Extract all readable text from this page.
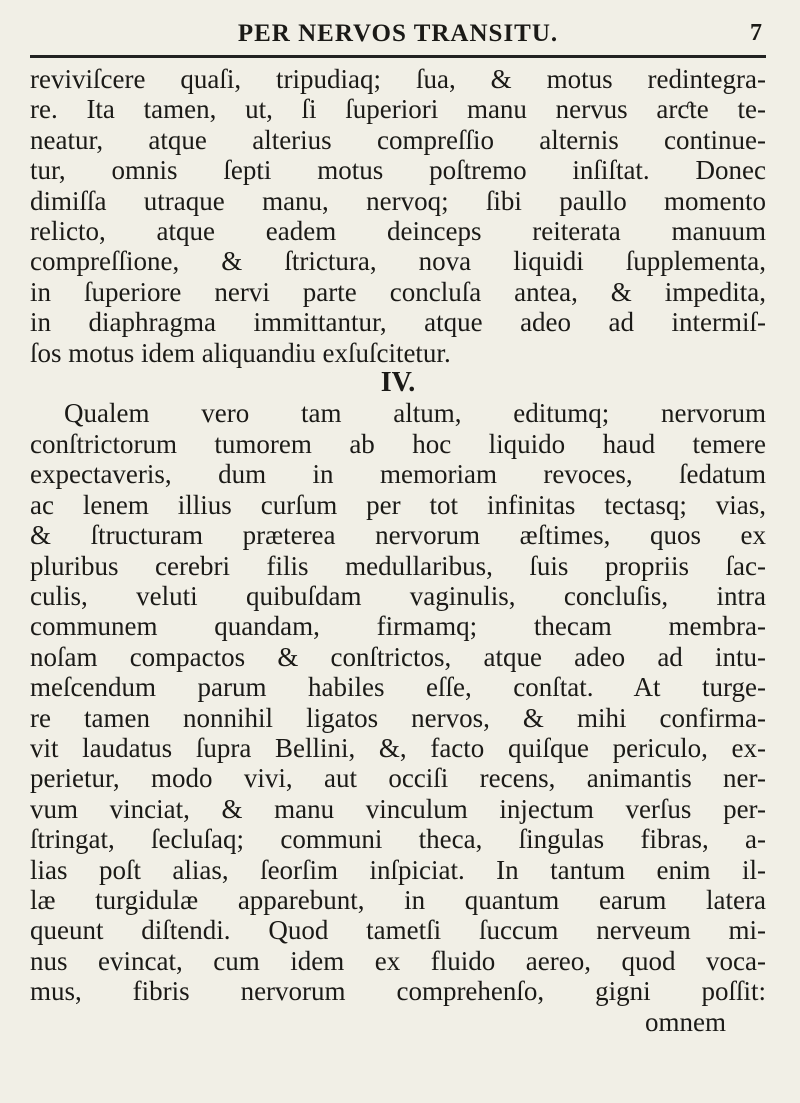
PER NERVOS TRANSITU.	7
reviviſcere quaſi, tripudiaq; ſua, & motus redintegra-
re. Ita tamen, ut, ſi ſuperiori manu nervus arƈte te-
neatur, atque alterius compreſſio alternis continue-
tur, omnis ſepti motus poſtremo inſiſtat. Donec
dimiſſa utraque manu, nervoq; ſibi paullo momento
relicto, atque eadem deinceps reiterata manuum
compreſſione, & ſtrictura, nova liquidi ſupplementa,
in ſuperiore nervi parte concluſa antea, & impedita,
in diaphragma immittantur, atque adeo ad intermiſ-
ſos motus idem aliquandiu exſuſcitetur.
IV.
Qualem vero tam altum, editumq; nervorum
conſtrictorum tumorem ab hoc liquido haud temere
expectaveris, dum in memoriam revoces, ſedatum
ac lenem illius curſum per tot infinitas tectasq; vias,
& ſtructuram præterea nervorum æſtimes, quos ex
pluribus cerebri filis medullaribus, ſuis propriis ſac-
culis, veluti quibuſdam vaginulis, concluſis, intra
communem quandam, firmamq; thecam membra-
noſam compactos & conſtrictos, atque adeo ad intu-
meſcendum parum habiles eſſe, conſtat. At turge-
re tamen nonnihil ligatos nervos, & mihi confirma-
vit laudatus ſupra Bellini, &, facto quiſque periculo, ex-
perietur, modo vivi, aut occiſi recens, animantis ner-
vum vinciat, & manu vinculum injectum verſus per-
ſtringat, ſecluſaq; communi theca, ſingulas fibras, a-
lias poſt alias, ſeorſim inſpiciat. In tantum enim il-
læ turgidulæ apparebunt, in quantum earum latera
queunt diſtendi. Quod tametſi ſuccum nerveum mi-
nus evincat, cum idem ex fluido aereo, quod voca-
mus, fibris nervorum comprehenſo, gigni poſſit:
omnem
